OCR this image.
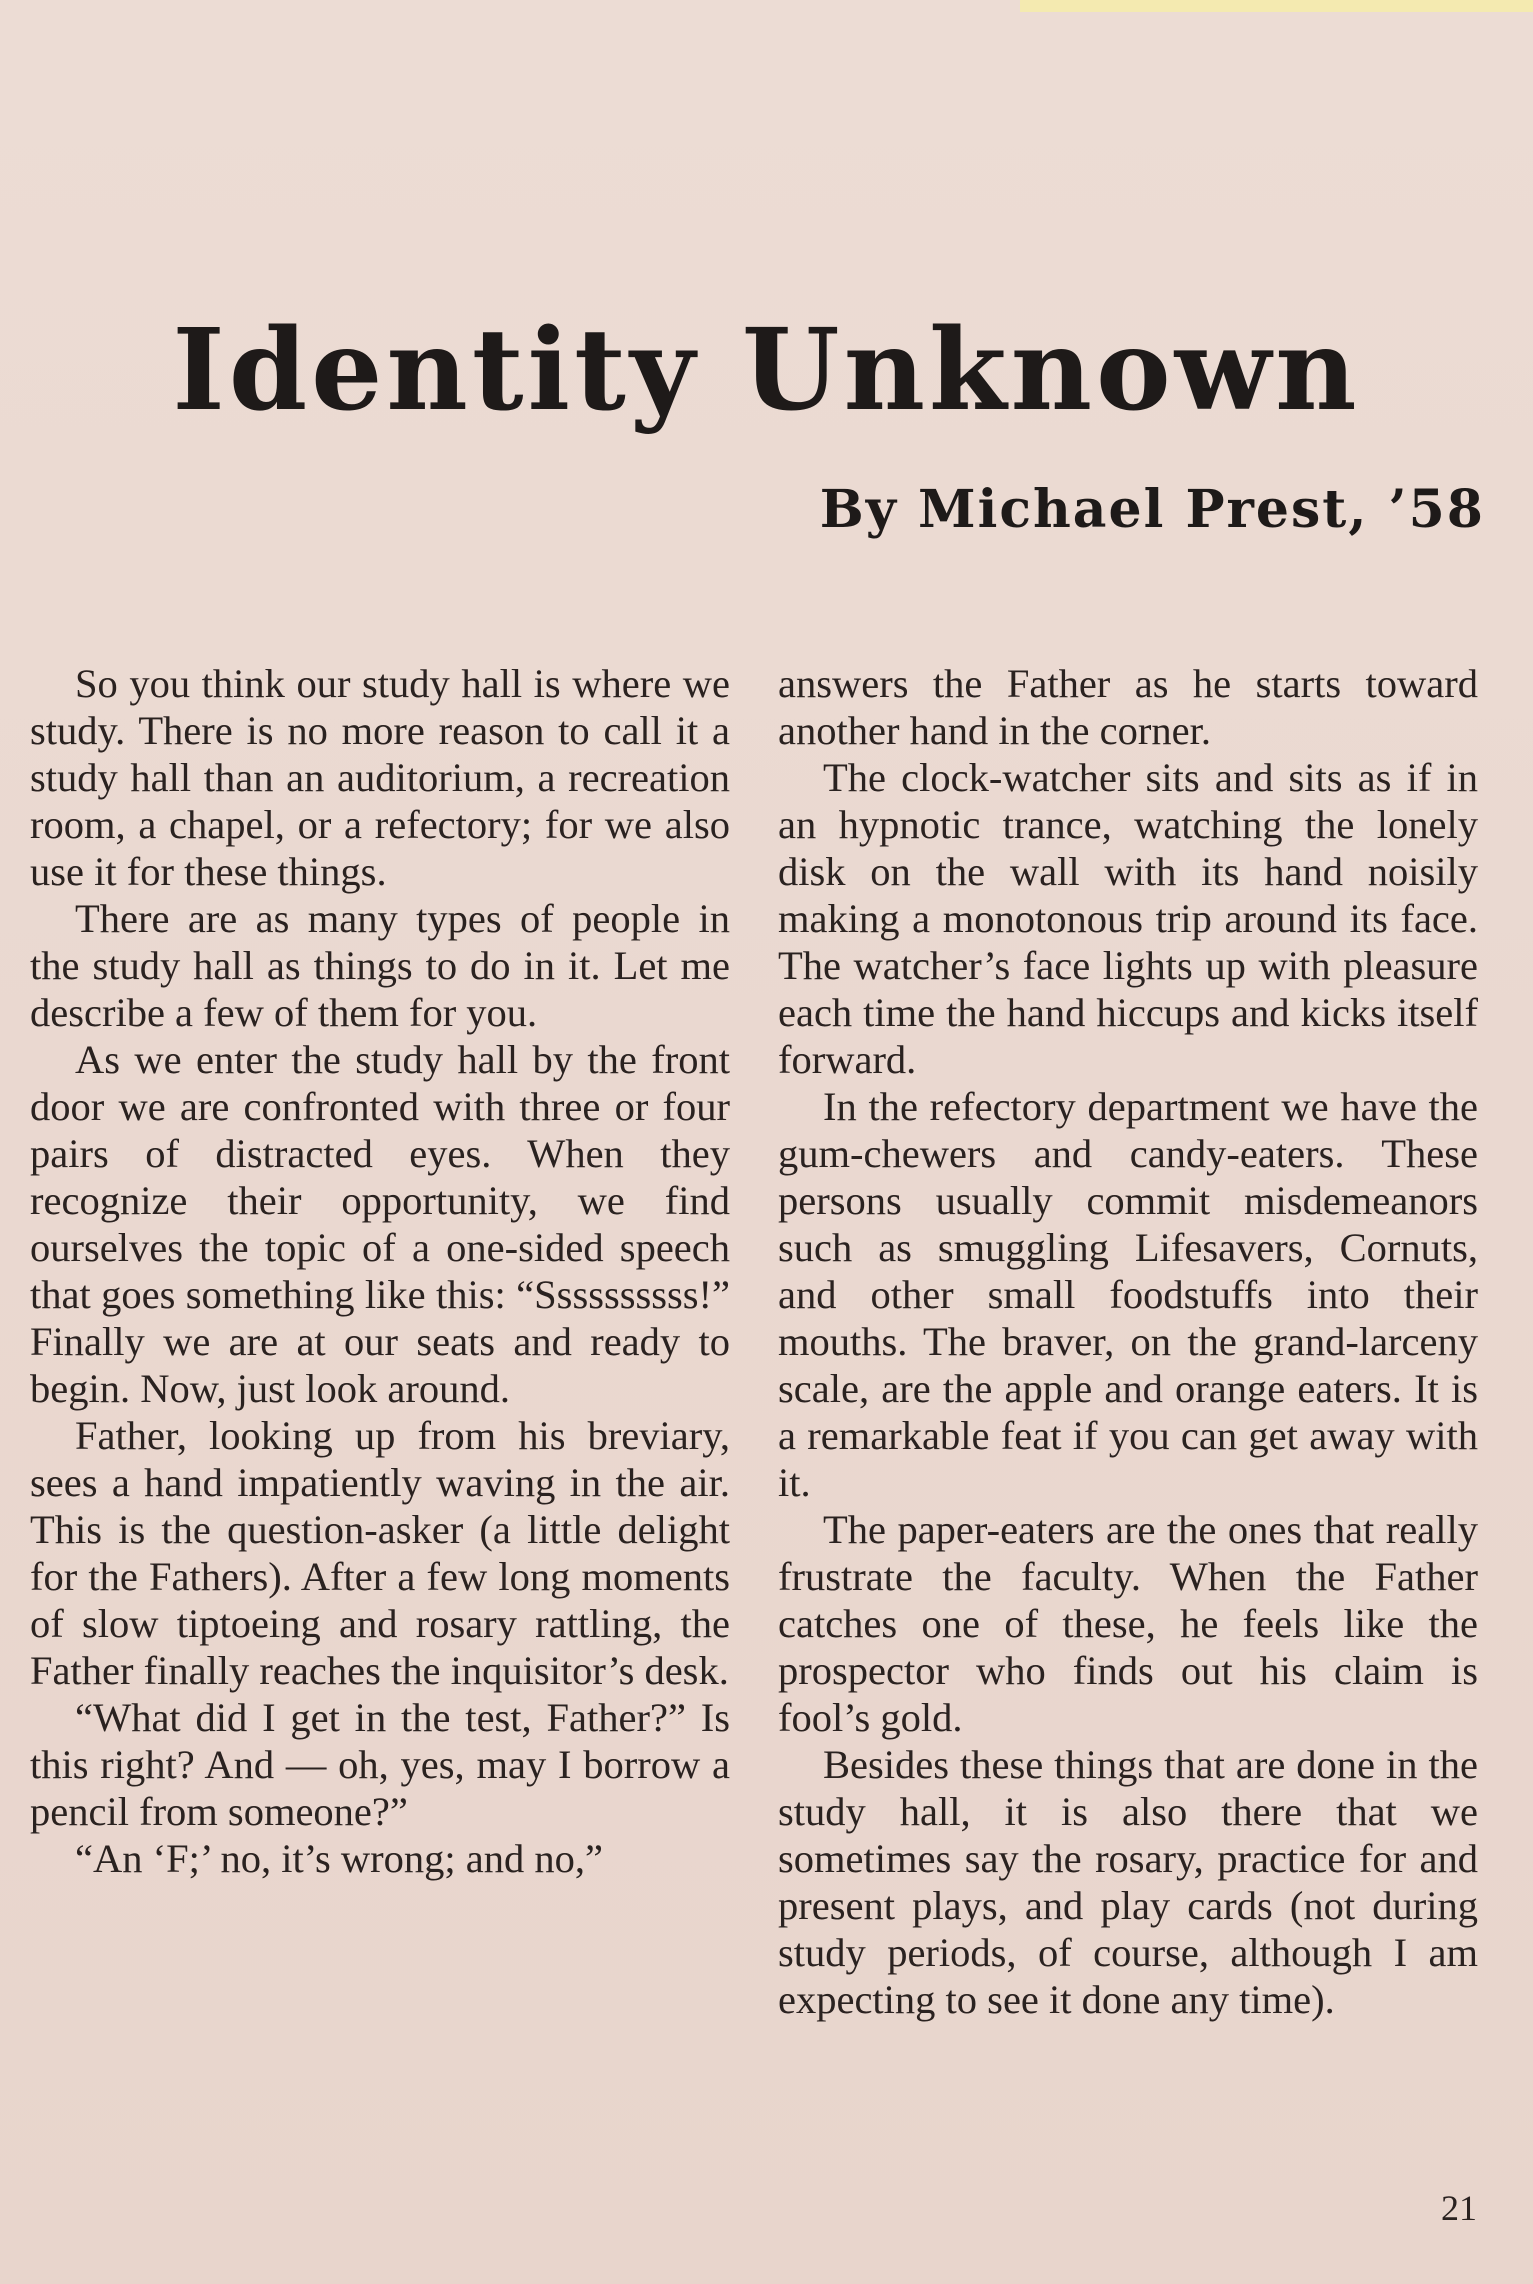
Identity Unknown
By Michael Prest, ’58

So you think our study hall is where we study. There is no more reason to call it a study hall than an auditorium, a recreation room, a chapel, or a refectory; for we also use it for these things.

There are as many types of people in the study hall as things to do in it. Let me describe a few of them for you.

As we enter the study hall by the front door we are confronted with three or four pairs of distracted eyes. When they recognize their opportunity, we find ourselves the topic of a one-sided speech that goes something like this: “Ssssssssss!” Finally we are at our seats and ready to begin. Now, just look around.

Father, looking up from his breviary, sees a hand impatiently waving in the air. This is the question-asker (a little delight for the Fathers). After a few long moments of slow tiptoeing and rosary rattling, the Father finally reaches the inquisitor’s desk.

“What did I get in the test, Father?” Is this right? And — oh, yes, may I borrow a pencil from someone?”

“An ‘F;’ no, it’s wrong; and no,”

answers the Father as he starts toward another hand in the corner.

The clock-watcher sits and sits as if in an hypnotic trance, watching the lonely disk on the wall with its hand noisily making a monotonous trip around its face. The watcher’s face lights up with pleasure each time the hand hiccups and kicks itself forward.

In the refectory department we have the gum-chewers and candy-eaters. These persons usually commit misdemeanors such as smuggling Lifesavers, Cornuts, and other small foodstuffs into their mouths. The braver, on the grand-larceny scale, are the apple and orange eaters. It is a remarkable feat if you can get away with it.

The paper-eaters are the ones that really frustrate the faculty. When the Father catches one of these, he feels like the prospector who finds out his claim is fool’s gold.

Besides these things that are done in the study hall, it is also there that we sometimes say the rosary, practice for and present plays, and play cards (not during study periods, of course, although I am expecting to see it done any time).

21
